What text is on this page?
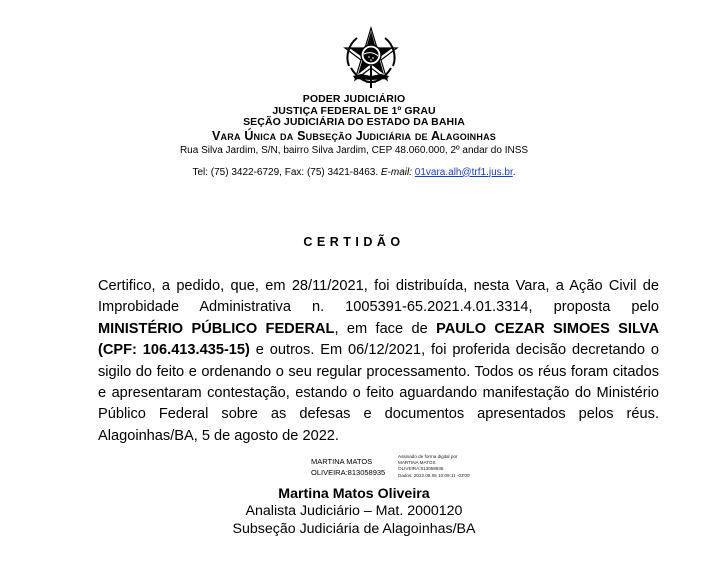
PODER JUDICIÁRIO
JUSTIÇA FEDERAL DE 1º GRAU
SEÇÃO JUDICIÁRIA DO ESTADO DA BAHIA
Vara Única da Subseção Judiciária de Alagoinhas
Rua Silva Jardim, S/N, bairro Silva Jardim, CEP 48.060.000, 2º andar do INSS
Tel: (75) 3422-6729, Fax: (75) 3421-8463. E-mail: 01vara.alh@trf1.jus.br.
CERTIDÃO
Certifico, a pedido, que, em 28/11/2021, foi distribuída, nesta Vara, a Ação Civil de Improbidade Administrativa n. 1005391-65.2021.4.01.3314, proposta pelo MINISTÉRIO PÚBLICO FEDERAL, em face de PAULO CEZAR SIMOES SILVA (CPF: 106.413.435-15) e outros. Em 06/12/2021, foi proferida decisão decretando o sigilo do feito e ordenando o seu regular processamento. Todos os réus foram citados e apresentaram contestação, estando o feito aguardando manifestação do Ministério Público Federal sobre as defesas e documentos apresentados pelos réus. Alagoinhas/BA, 5 de agosto de 2022.
MARTINA MATOS
OLIVEIRA:813058935
Assinado de forma digital por
MARTINA MATOS
OLIVEIRA:813058935
Dados: 2022.08.05 10:09:11 -03'00'
Martina Matos Oliveira
Analista Judiciário – Mat. 2000120
Subseção Judiciária de Alagoinhas/BA
